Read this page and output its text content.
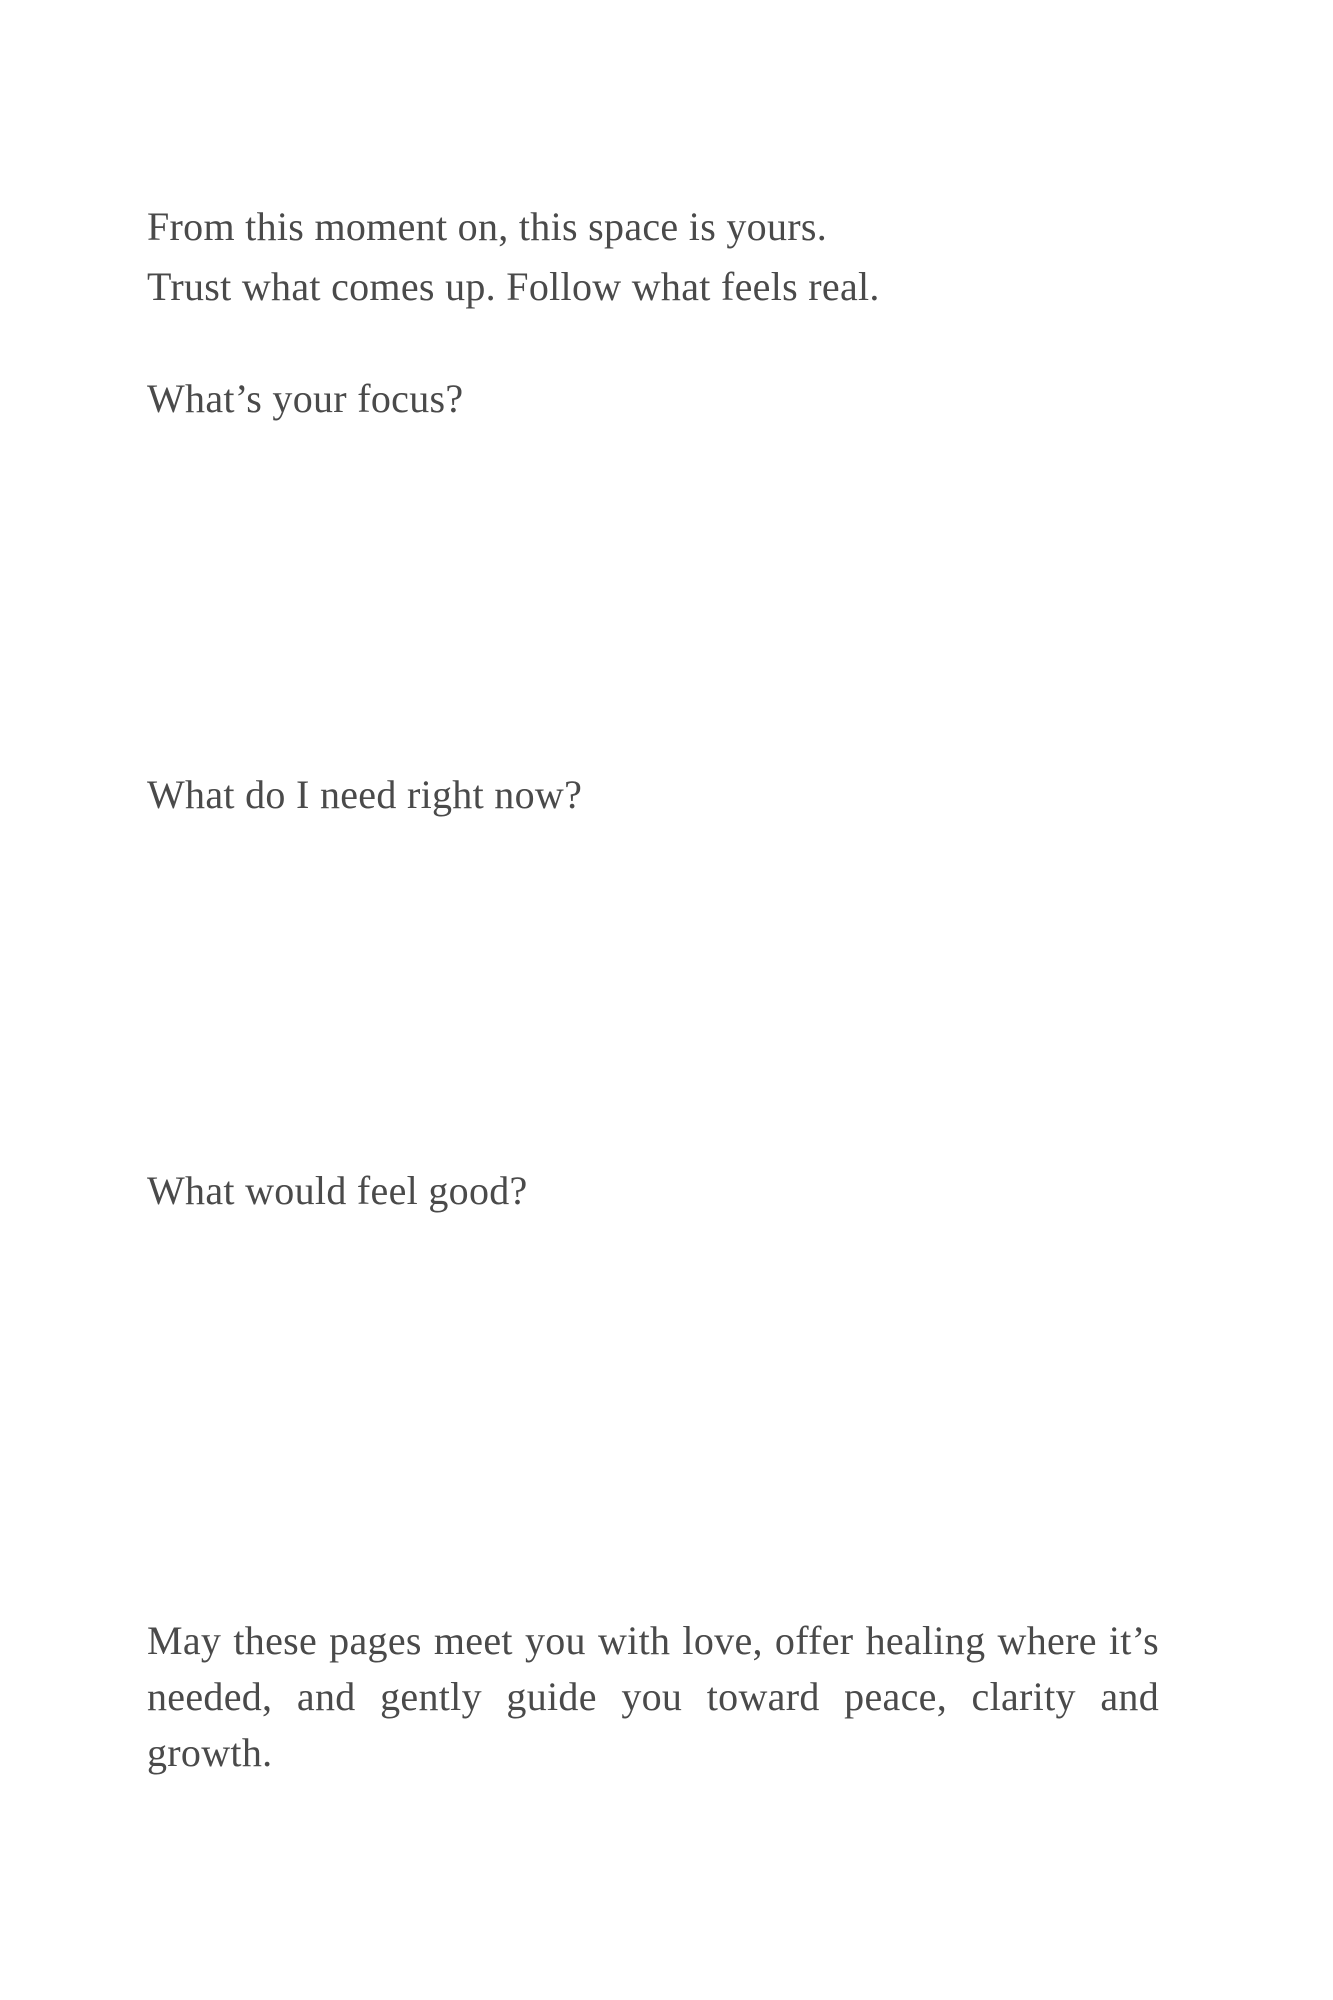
From this moment on, this space is yours.
Trust what comes up. Follow what feels real.
What’s your focus?
What do I need right now?
What would feel good?
May these pages meet you with love, offer healing where it’s needed, and gently guide you toward peace, clarity and growth.
